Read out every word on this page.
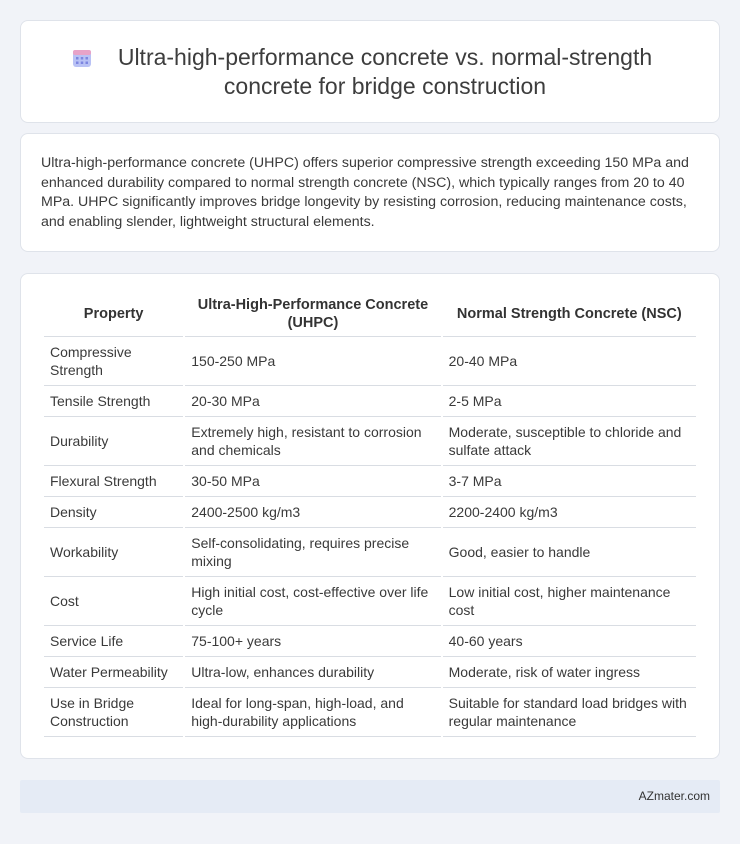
Ultra-high-performance concrete vs. normal-strength concrete for bridge construction

Ultra-high-performance concrete (UHPC) offers superior compressive strength exceeding 150 MPa and enhanced durability compared to normal strength concrete (NSC), which typically ranges from 20 to 40 MPa. UHPC significantly improves bridge longevity by resisting corrosion, reducing maintenance costs, and enabling slender, lightweight structural elements.

Property	Ultra-High-Performance Concrete (UHPC)	Normal Strength Concrete (NSC)
Compressive Strength	150-250 MPa	20-40 MPa
Tensile Strength	20-30 MPa	2-5 MPa
Durability	Extremely high, resistant to corrosion and chemicals	Moderate, susceptible to chloride and sulfate attack
Flexural Strength	30-50 MPa	3-7 MPa
Density	2400-2500 kg/m3	2200-2400 kg/m3
Workability	Self-consolidating, requires precise mixing	Good, easier to handle
Cost	High initial cost, cost-effective over life cycle	Low initial cost, higher maintenance cost
Service Life	75-100+ years	40-60 years
Water Permeability	Ultra-low, enhances durability	Moderate, risk of water ingress
Use in Bridge Construction	Ideal for long-span, high-load, and high-durability applications	Suitable for standard load bridges with regular maintenance
AZmater.com
